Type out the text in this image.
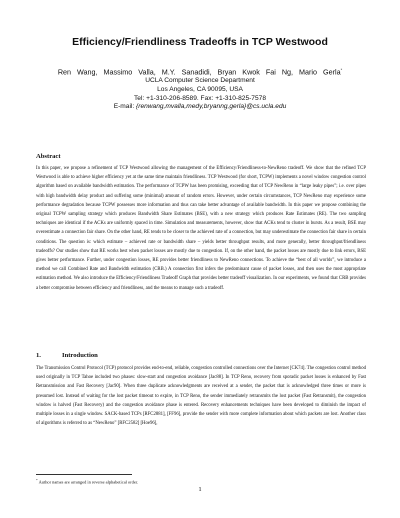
Efficiency/Friendliness Tradeoffs in TCP Westwood
Ren Wang, Massimo Valla, M.Y. Sanadidi, Bryan Kwok Fai Ng, Mario Gerla*
UCLA Computer Science Department
Los Angeles, CA 90095, USA
Tel: +1-310-206-8589. Fax: +1-310-825-7578
E-mail: {renwang,mvalla,medy,bryanng,gerla}@cs.ucla.edu
Abstract

In this paper, we propose a refinement of TCP Westwood allowing the management of the Efficiency/Friendliness-to-NewReno tradeoff. We show that the refined TCP Westwood is able to achieve higher efficiency yet at the same time maintain friendliness. TCP Westwood (for short, TCPW) implements a novel window congestion control algorithm based on available bandwidth estimation. The performance of TCPW has been promising, exceeding that of TCP NewReno in “large leaky pipes”; i.e. over pipes with high bandwidth delay product and suffering some (minimal) amount of random errors. However, under certain circumstances, TCP NewReno may experience some performance degradation because TCPW possesses more information and thus can take better advantage of available bandwidth. In this paper we propose combining the original TCPW sampling strategy which produces Bandwidth Share Estimates (BSE), with a new strategy which produces Rate Estimates (RE). The two sampling techniques are identical if the ACKs are uniformly spaced in time. Simulation and measurements, however, show that ACKs tend to cluster in bursts. As a result, BSE may overestimate a connection fair share. On the other hand, RE tends to be closer to the achieved rate of a connection, but may underestimate the connection fair share in certain conditions. The question is: which estimate – achieved rate or bandwidth share – yields better throughput results, and more generally, better throughput/friendliness tradeoffs? Our studies show that RE works best when packet losses are mostly due to congestion. If, on the other hand, the packet losses are mostly due to link errors, BSE gives better performance. Further, under congestion losses, RE provides better friendliness to NewReno connections. To achieve the “best of all worlds”, we introduce a method we call Combined Rate and Bandwidth estimation (CRB.) A connection first infers the predominant cause of packet losses, and then uses the most appropriate estimation method. We also introduce the Efficiency/Friendliness Tradeoff Graph that provides better tradeoff visualization. In our experiments, we found that CRB provides a better compromise between efficiency and friendliness, and the means to manage such a tradeoff.

1.	Introduction

The Transmission Control Protocol (TCP) protocol provides end-to-end, reliable, congestion controlled connections over the Internet [CK74]. The congestion control method used originally in TCP Tahoe included two phases: slow-start and congestion avoidance [Jac88]. In TCP Reno, recovery from sporadic packet losses is enhanced by Fast Retransmission and Fast Recovery [Jac90]. When three duplicate acknowledgments are received at a sender, the packet that is acknowledged three times or more is presumed lost. Instead of waiting for the lost packet timeout to expire, in TCP Reno, the sender immediately retransmits the lost packet (Fast Retransmit), the congestion window is halved (Fast Recovery) and the congestion avoidance phase is entered. Recovery enhancements techniques have been developed to diminish the impact of multiple losses in a single window. SACK-based TCPs [RFC2881], [FF96], provide the sender with more complete information about which packets are lost. Another class of algorithms is referred to as “NewReno” [RFC2582] [Hoe96],

* Author names are arranged in reverse alphabetical order.
1
